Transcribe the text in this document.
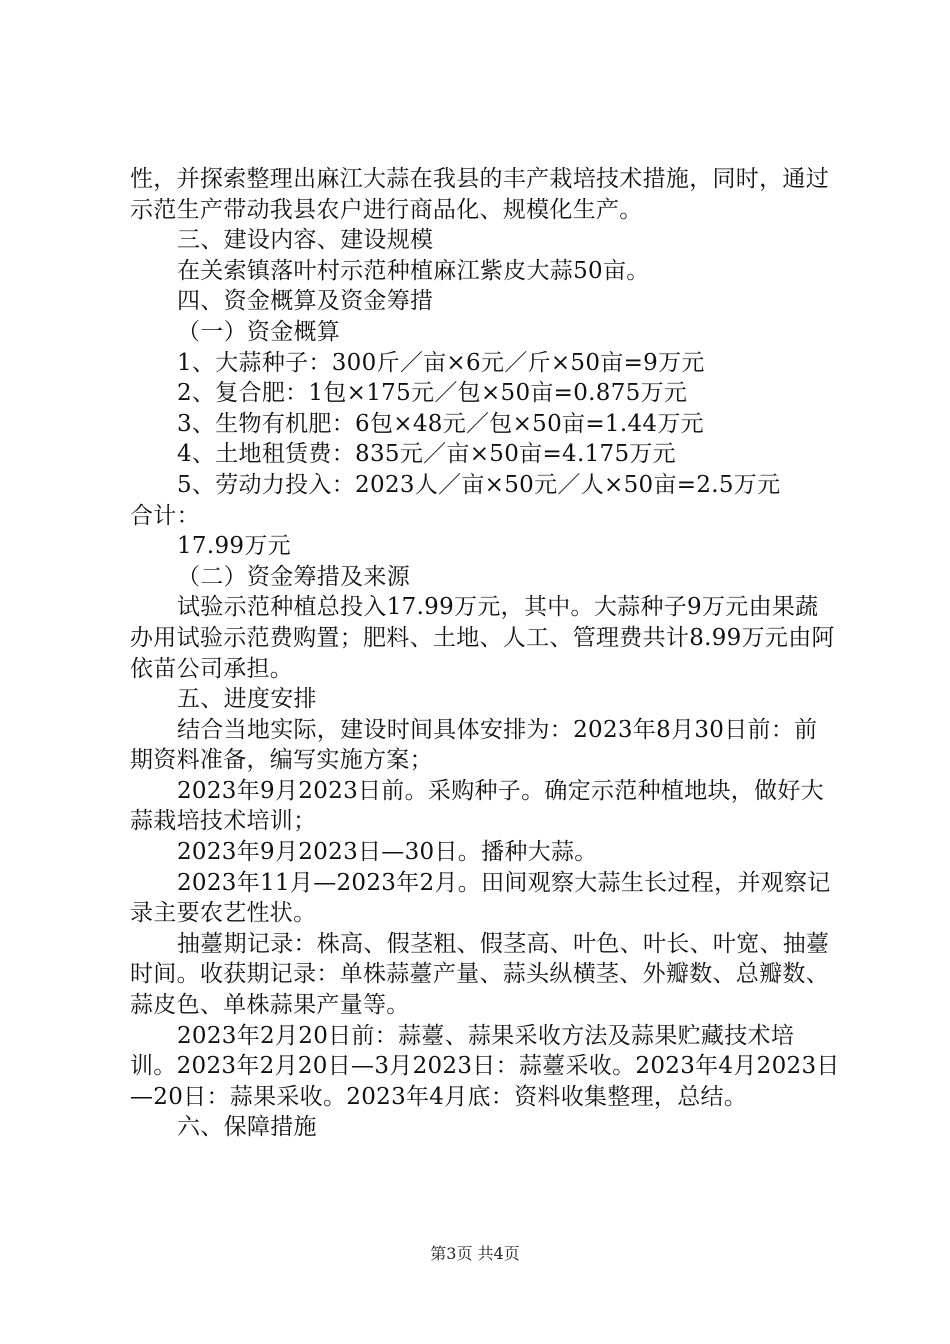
性，并探索整理出麻江大蒜在我县的丰产栽培技术措施，同时，通过示范生产带动我县农户进行商品化、规模化生产。

三、建设内容、建设规模

在关索镇落叶村示范种植麻江紫皮大蒜50亩。

四、资金概算及资金筹措

（一）资金概算

1、大蒜种子：300斤／亩×6元／斤×50亩=9万元

2、复合肥：1包×175元／包×50亩=0.875万元

3、生物有机肥：6包×48元／包×50亩=1.44万元

4、土地租赁费：835元／亩×50亩=4.175万元

5、劳动力投入：2023人／亩×50元／人×50亩=2.5万元

合计：

17.99万元

（二）资金筹措及来源

试验示范种植总投入17.99万元，其中。大蒜种子9万元由果蔬办用试验示范费购置；肥料、土地、人工、管理费共计8.99万元由阿依苗公司承担。

五、进度安排

结合当地实际，建设时间具体安排为：2023年8月30日前：前期资料准备，编写实施方案；

2023年9月2023日前。采购种子。确定示范种植地块，做好大蒜栽培技术培训；

2023年9月2023日—30日。播种大蒜。

2023年11月—2023年2月。田间观察大蒜生长过程，并观察记录主要农艺性状。

抽薹期记录：株高、假茎粗、假茎高、叶色、叶长、叶宽、抽薹时间。收获期记录：单株蒜薹产量、蒜头纵横茎、外瓣数、总瓣数、蒜皮色、单株蒜果产量等。

2023年2月20日前：蒜薹、蒜果采收方法及蒜果贮藏技术培训。2023年2月20日—3月2023日：蒜薹采收。2023年4月2023日—20日：蒜果采收。2023年4月底：资料收集整理，总结。

六、保障措施

第3页 共4页
